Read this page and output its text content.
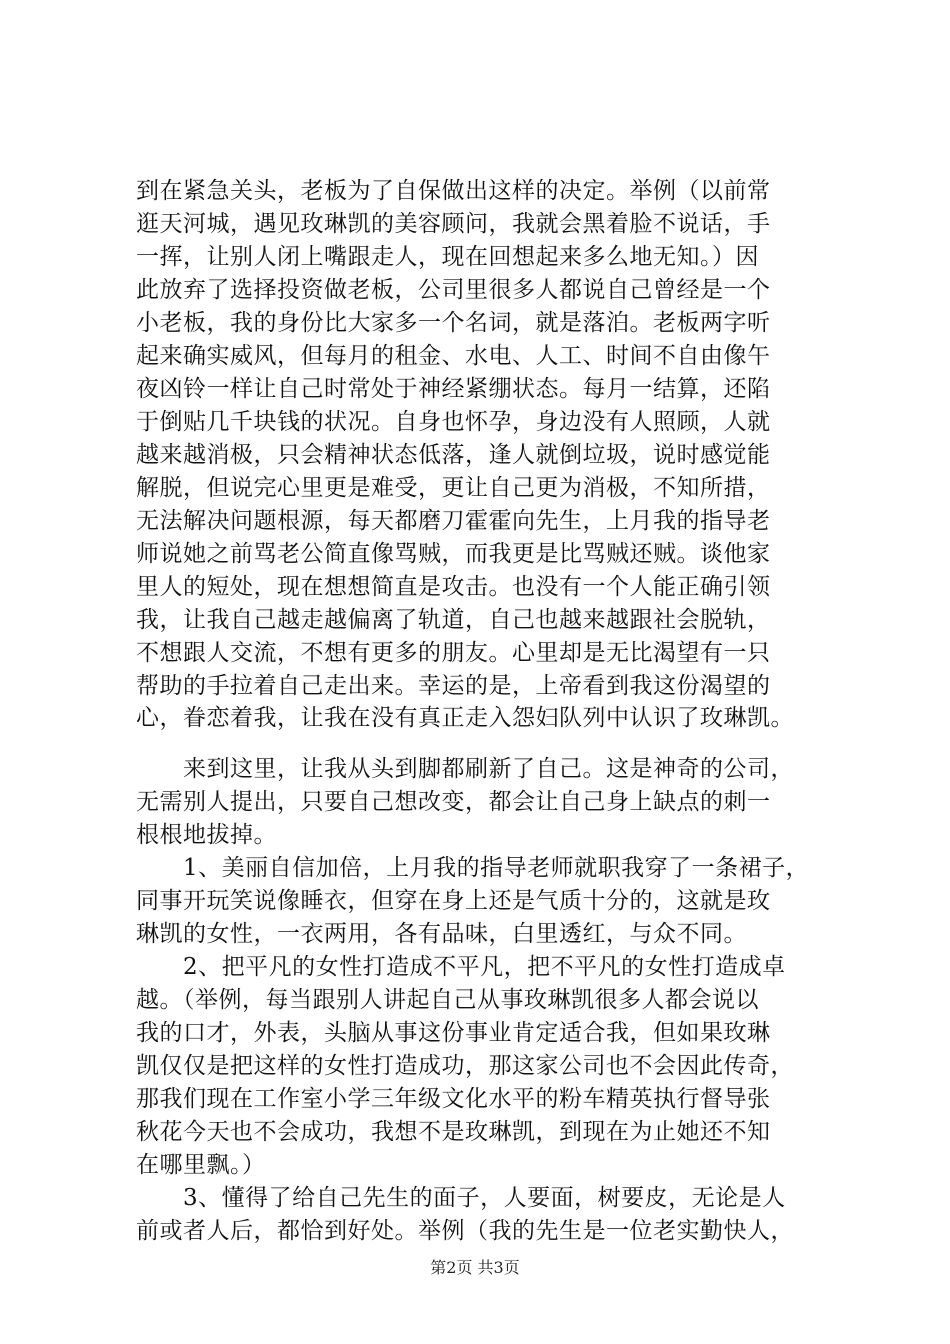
到在紧急关头，老板为了自保做出这样的决定。举例（以前常
逛天河城，遇见玫琳凯的美容顾问，我就会黑着脸不说话，手
一挥，让别人闭上嘴跟走人，现在回想起来多么地无知。）因
此放弃了选择投资做老板，公司里很多人都说自己曾经是一个
小老板，我的身份比大家多一个名词，就是落泊。老板两字听
起来确实威风，但每月的租金、水电、人工、时间不自由像午
夜凶铃一样让自己时常处于神经紧绷状态。每月一结算，还陷
于倒贴几千块钱的状况。自身也怀孕，身边没有人照顾，人就
越来越消极，只会精神状态低落，逢人就倒垃圾，说时感觉能
解脱，但说完心里更是难受，更让自己更为消极，不知所措，
无法解决问题根源，每天都磨刀霍霍向先生，上月我的指导老
师说她之前骂老公简直像骂贼，而我更是比骂贼还贼。谈他家
里人的短处，现在想想简直是攻击。也没有一个人能正确引领
我，让我自己越走越偏离了轨道，自己也越来越跟社会脱轨，
不想跟人交流，不想有更多的朋友。心里却是无比渴望有一只
帮助的手拉着自己走出来。幸运的是，上帝看到我这份渴望的
心，眷恋着我，让我在没有真正走入怨妇队列中认识了玫琳凯。
　　来到这里，让我从头到脚都刷新了自己。这是神奇的公司，
无需别人提出，只要自己想改变，都会让自己身上缺点的刺一
根根地拔掉。
　　1、美丽自信加倍，上月我的指导老师就职我穿了一条裙子，
同事开玩笑说像睡衣，但穿在身上还是气质十分的，这就是玫
琳凯的女性，一衣两用，各有品味，白里透红，与众不同。
　　2、把平凡的女性打造成不平凡，把不平凡的女性打造成卓
越。（举例，每当跟别人讲起自己从事玫琳凯很多人都会说以
我的口才，外表，头脑从事这份事业肯定适合我，但如果玫琳
凯仅仅是把这样的女性打造成功，那这家公司也不会因此传奇，
那我们现在工作室小学三年级文化水平的粉车精英执行督导张
秋花今天也不会成功，我想不是玫琳凯，到现在为止她还不知
在哪里飘。）
　　3、懂得了给自己先生的面子，人要面，树要皮，无论是人
前或者人后，都恰到好处。举例（我的先生是一位老实勤快人，
第2页 共3页
